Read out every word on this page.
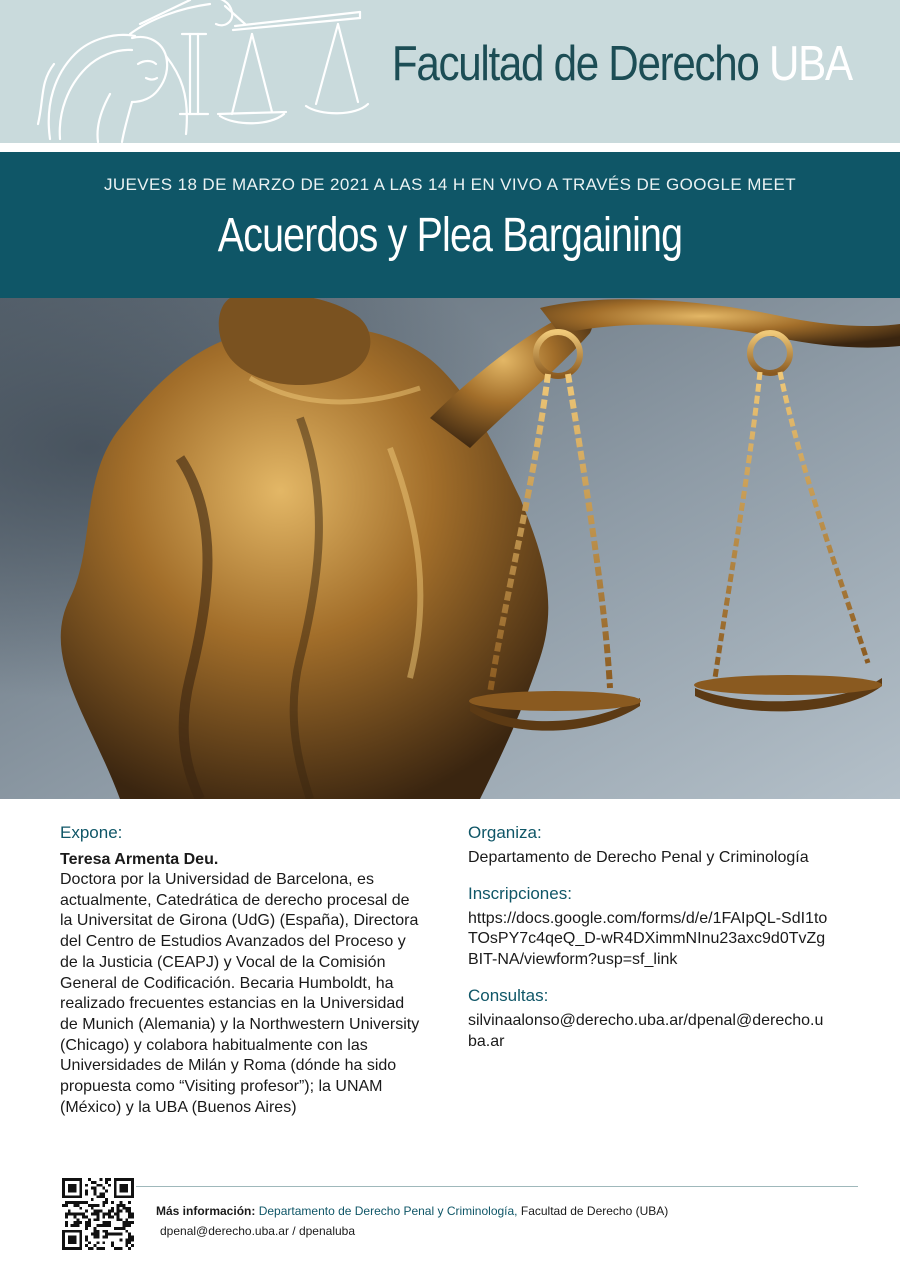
Facultad de Derecho UBA
JUEVES 18 DE MARZO DE 2021 A LAS 14 H EN VIVO A TRAVÉS DE GOOGLE MEET
Acuerdos y Plea Bargaining
Expone:
Teresa Armenta Deu.
Doctora por la Universidad de Barcelona, es actualmente, Catedrática de derecho procesal de la Universitat de Girona (UdG) (España), Directora del Centro de Estudios Avanzados del Proceso y de la Justicia (CEAPJ) y Vocal de la Comisión General de Codificación. Becaria Humboldt, ha realizado frecuentes estancias en la Universidad de Munich (Alemania) y la Northwestern University (Chicago) y colabora habitualmente con las Universidades de Milán y Roma (dónde ha sido propuesta como “Visiting profesor”); la UNAM (México) y la UBA (Buenos Aires)
Organiza:
Departamento de Derecho Penal y Criminología
Inscripciones:
https://docs.google.com/forms/d/e/1FAIpQL-SdI1toTOsPY7c4qeQ_D-wR4DXimmNInu23axc9d0TvZgBIT-NA/viewform?usp=sf_link
Consultas:
silvinaalonso@derecho.uba.ar/dpenal@derecho.uba.ar
Más información: Departamento de Derecho Penal y Criminología, Facultad de Derecho (UBA)
dpenal@derecho.uba.ar / dpenaluba
